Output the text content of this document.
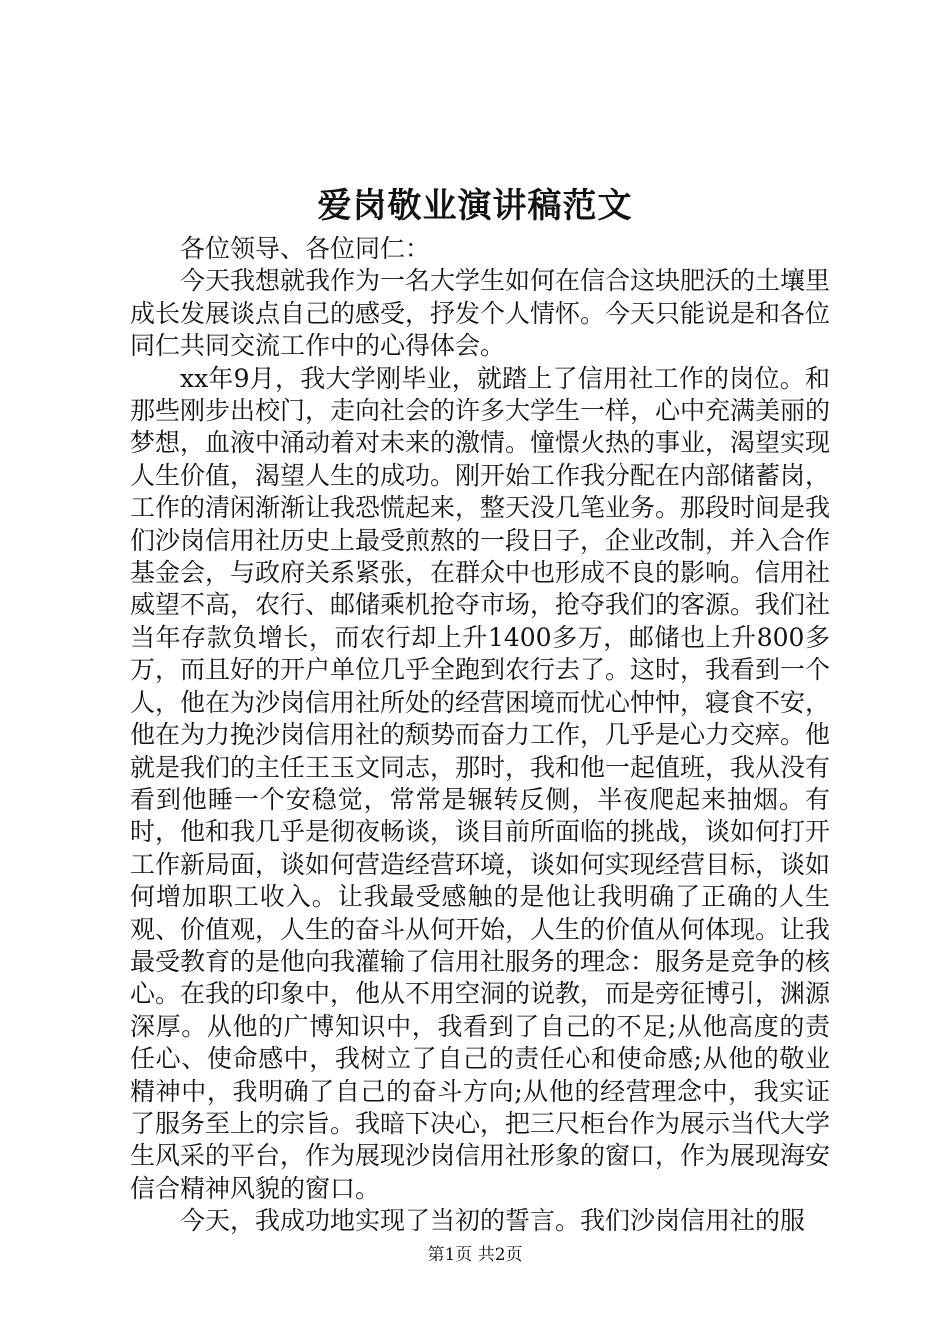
爱岗敬业演讲稿范文

各位领导、各位同仁：

今天我想就我作为一名大学生如何在信合这块肥沃的土壤里成长发展谈点自己的感受，抒发个人情怀。今天只能说是和各位同仁共同交流工作中的心得体会。

xx年9月，我大学刚毕业，就踏上了信用社工作的岗位。和那些刚步出校门，走向社会的许多大学生一样，心中充满美丽的梦想，血液中涌动着对未来的激情。憧憬火热的事业，渴望实现人生价值，渴望人生的成功。刚开始工作我分配在内部储蓄岗，工作的清闲渐渐让我恐慌起来，整天没几笔业务。那段时间是我们沙岗信用社历史上最受煎熬的一段日子，企业改制，并入合作基金会，与政府关系紧张，在群众中也形成不良的影响。信用社威望不高，农行、邮储乘机抢夺市场，抢夺我们的客源。我们社当年存款负增长，而农行却上升1400多万，邮储也上升800多万，而且好的开户单位几乎全跑到农行去了。这时，我看到一个人，他在为沙岗信用社所处的经营困境而忧心忡忡，寝食不安，他在为力挽沙岗信用社的颓势而奋力工作，几乎是心力交瘁。他就是我们的主任王玉文同志，那时，我和他一起值班，我从没有看到他睡一个安稳觉，常常是辗转反侧，半夜爬起来抽烟。有时，他和我几乎是彻夜畅谈，谈目前所面临的挑战，谈如何打开工作新局面，谈如何营造经营环境，谈如何实现经营目标，谈如何增加职工收入。让我最受感触的是他让我明确了正确的人生观、价值观，人生的奋斗从何开始，人生的价值从何体现。让我最受教育的是他向我灌输了信用社服务的理念：服务是竞争的核心。在我的印象中，他从不用空洞的说教，而是旁征博引，渊源深厚。从他的广博知识中，我看到了自己的不足;从他高度的责任心、使命感中，我树立了自己的责任心和使命感;从他的敬业精神中，我明确了自己的奋斗方向;从他的经营理念中，我实证了服务至上的宗旨。我暗下决心，把三尺柜台作为展示当代大学生风采的平台，作为展现沙岗信用社形象的窗口，作为展现海安信合精神风貌的窗口。

今天，我成功地实现了当初的誓言。我们沙岗信用社的服

第1页 共2页
